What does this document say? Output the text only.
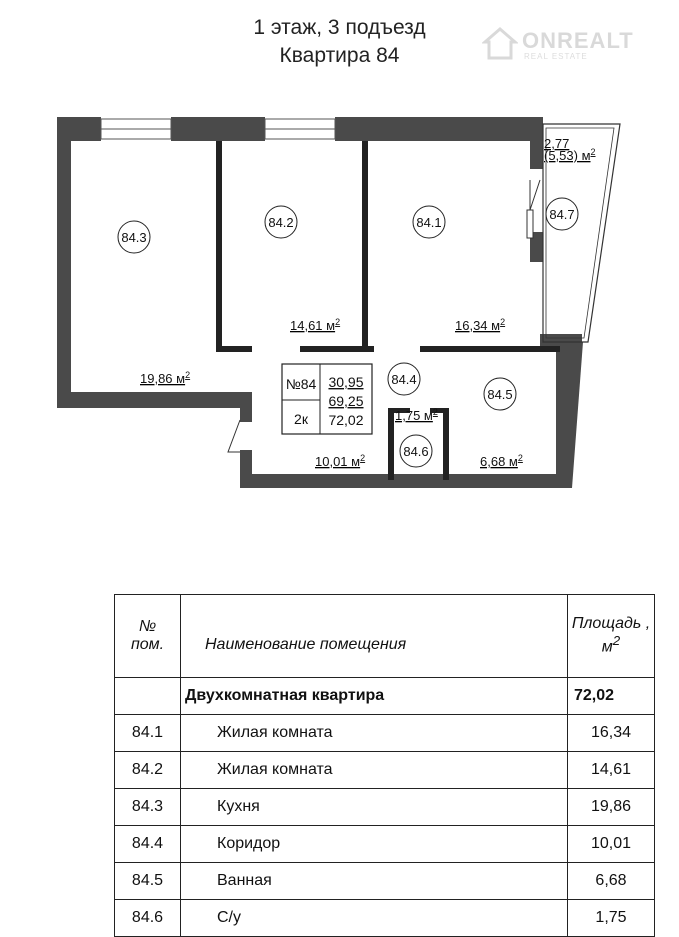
1 этаж, 3 подъезд
Квартира 84
ONREALT
REAL ESTATE
№84
2к
30,95
69,25
72,02
84.3
84.2	84.1
84.7
84.4
84.5
84.6
19,86 $м^2$
14,61 $м^2$	16,34 $м^2$
2,77
(5,53) $м^2$
10,01 $м^2$	6,68 $м^2$
1,75 $м^2$
№
пом.	Наименование помещения	Площадь ,
$м^2$
	Двухкомнатная квартира	72,02
84.1	Жилая комната	16,34
84.2	Жилая комната	14,61
84.3	Кухня	19,86
84.4	Коридор	10,01
84.5	Ванная	6,68
84.6	С/у	1,75
